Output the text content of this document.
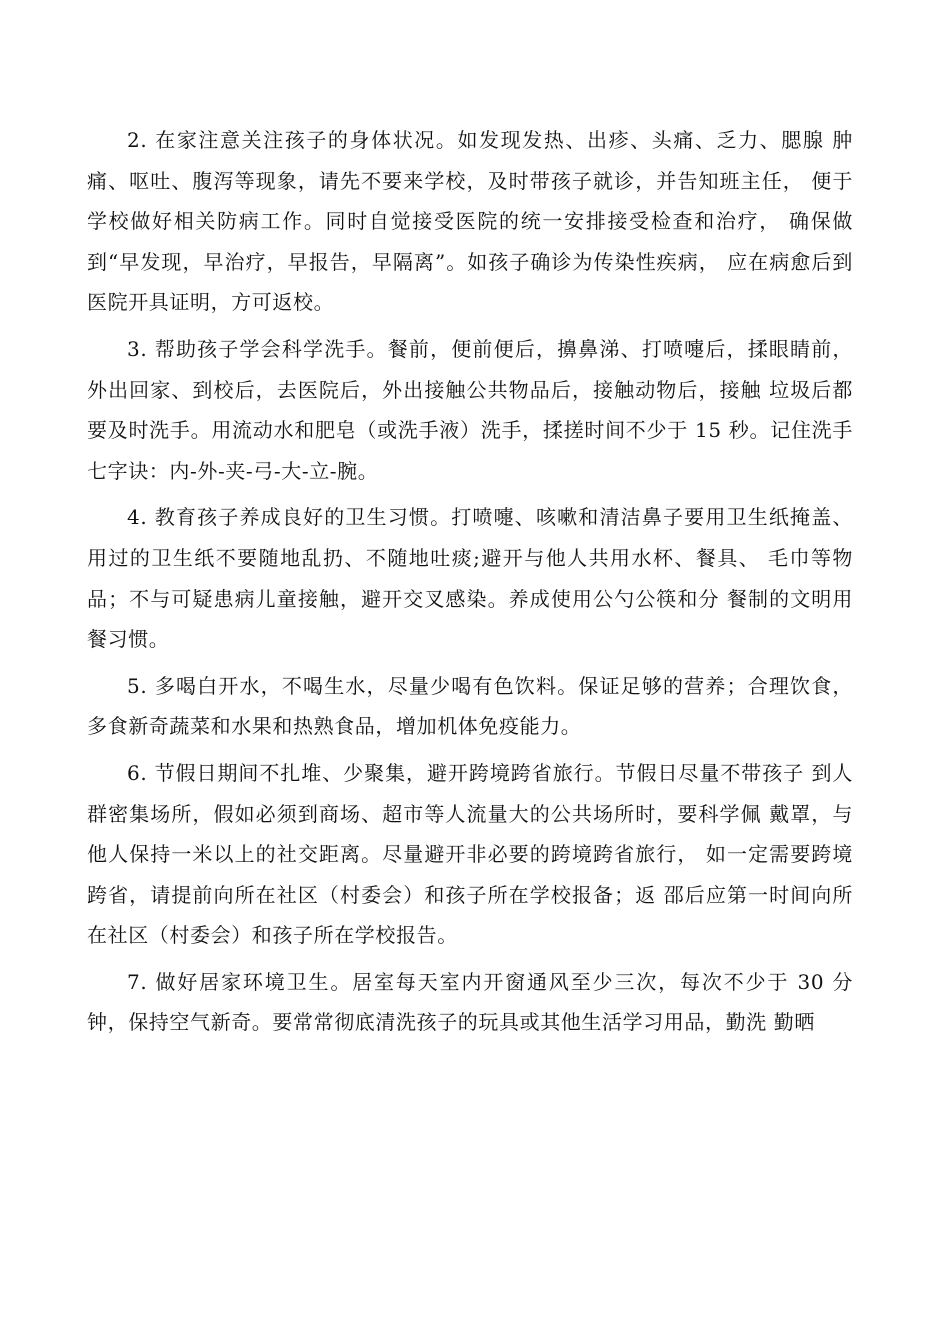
2. 在家注意关注孩子的身体状况。如发现发热、出疹、头痛、乏力、腮腺 肿痛、呕吐、腹泻等现象，请先不要来学校，及时带孩子就诊，并告知班主任， 便于学校做好相关防病工作。同时自觉接受医院的统一安排接受检查和治疗， 确保做到“早发现，早治疗，早报告，早隔离”。如孩子确诊为传染性疾病， 应在病愈后到医院开具证明，方可返校。

3. 帮助孩子学会科学洗手。餐前，便前便后，擤鼻涕、打喷嚏后，揉眼睛前，外出回家、到校后，去医院后，外出接触公共物品后，接触动物后，接触 垃圾后都要及时洗手。用流动水和肥皂（或洗手液）洗手，揉搓时间不少于 15 秒。记住洗手七字诀：内-外-夹-弓-大-立-腕。

4. 教育孩子养成良好的卫生习惯。打喷嚏、咳嗽和清洁鼻子要用卫生纸掩盖、用过的卫生纸不要随地乱扔、不随地吐痰;避开与他人共用水杯、餐具、 毛巾等物品；不与可疑患病儿童接触，避开交叉感染。养成使用公勺公筷和分 餐制的文明用餐习惯。

5. 多喝白开水，不喝生水，尽量少喝有色饮料。保证足够的营养；合理饮食，多食新奇蔬菜和水果和热熟食品，增加机体免疫能力。

6. 节假日期间不扎堆、少聚集，避开跨境跨省旅行。节假日尽量不带孩子 到人群密集场所，假如必须到商场、超市等人流量大的公共场所时，要科学佩 戴罩，与他人保持一米以上的社交距离。尽量避开非必要的跨境跨省旅行， 如一定需要跨境跨省，请提前向所在社区（村委会）和孩子所在学校报备；返 邵后应第一时间向所在社区（村委会）和孩子所在学校报告。

7. 做好居家环境卫生。居室每天室内开窗通风至少三次，每次不少于 30 分钟，保持空气新奇。要常常彻底清洗孩子的玩具或其他生活学习用品，勤洗 勤晒
